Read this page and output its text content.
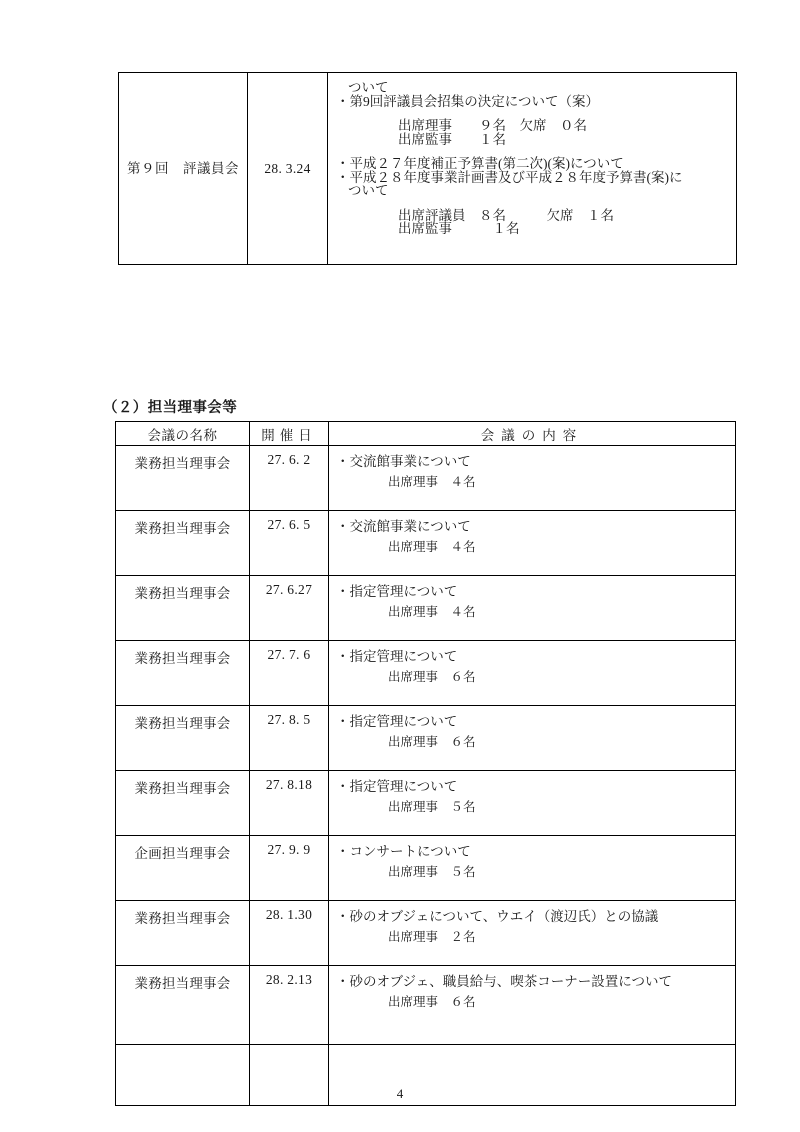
第９回　評議員会	28. 3.24	
ついて
・第9回評議員会招集の決定について（案）
出席理事　　９名　欠席　０名
出席監事　　１名
・平成２７年度補正予算書(第二次)(案)について
・平成２８年度事業計画書及び平成２８年度予算書(案)に
ついて
出席評議員　８名　　　欠席　１名
出席監事　　　１名
（２）担当理事会等
会議の名称	開催日	会議の内容
業務担当理事会	27. 6. 2	・交流館事業について
出席理事　４名

業務担当理事会	27. 6. 5	・交流館事業について
出席理事　４名

業務担当理事会	27. 6.27	・指定管理について
出席理事　４名

業務担当理事会	27. 7. 6	・指定管理について
出席理事　６名

業務担当理事会	27. 8. 5	・指定管理について
出席理事　６名

業務担当理事会	27. 8.18	・指定管理について
出席理事　５名

企画担当理事会	27. 9. 9	・コンサートについて
出席理事　５名

業務担当理事会	28. 1.30	・砂のオブジェについて、ウエイ（渡辺氏）との協議
出席理事　２名

業務担当理事会	28. 2.13	・砂のオブジェ、職員給与、喫茶コーナー設置について
出席理事　６名

4
